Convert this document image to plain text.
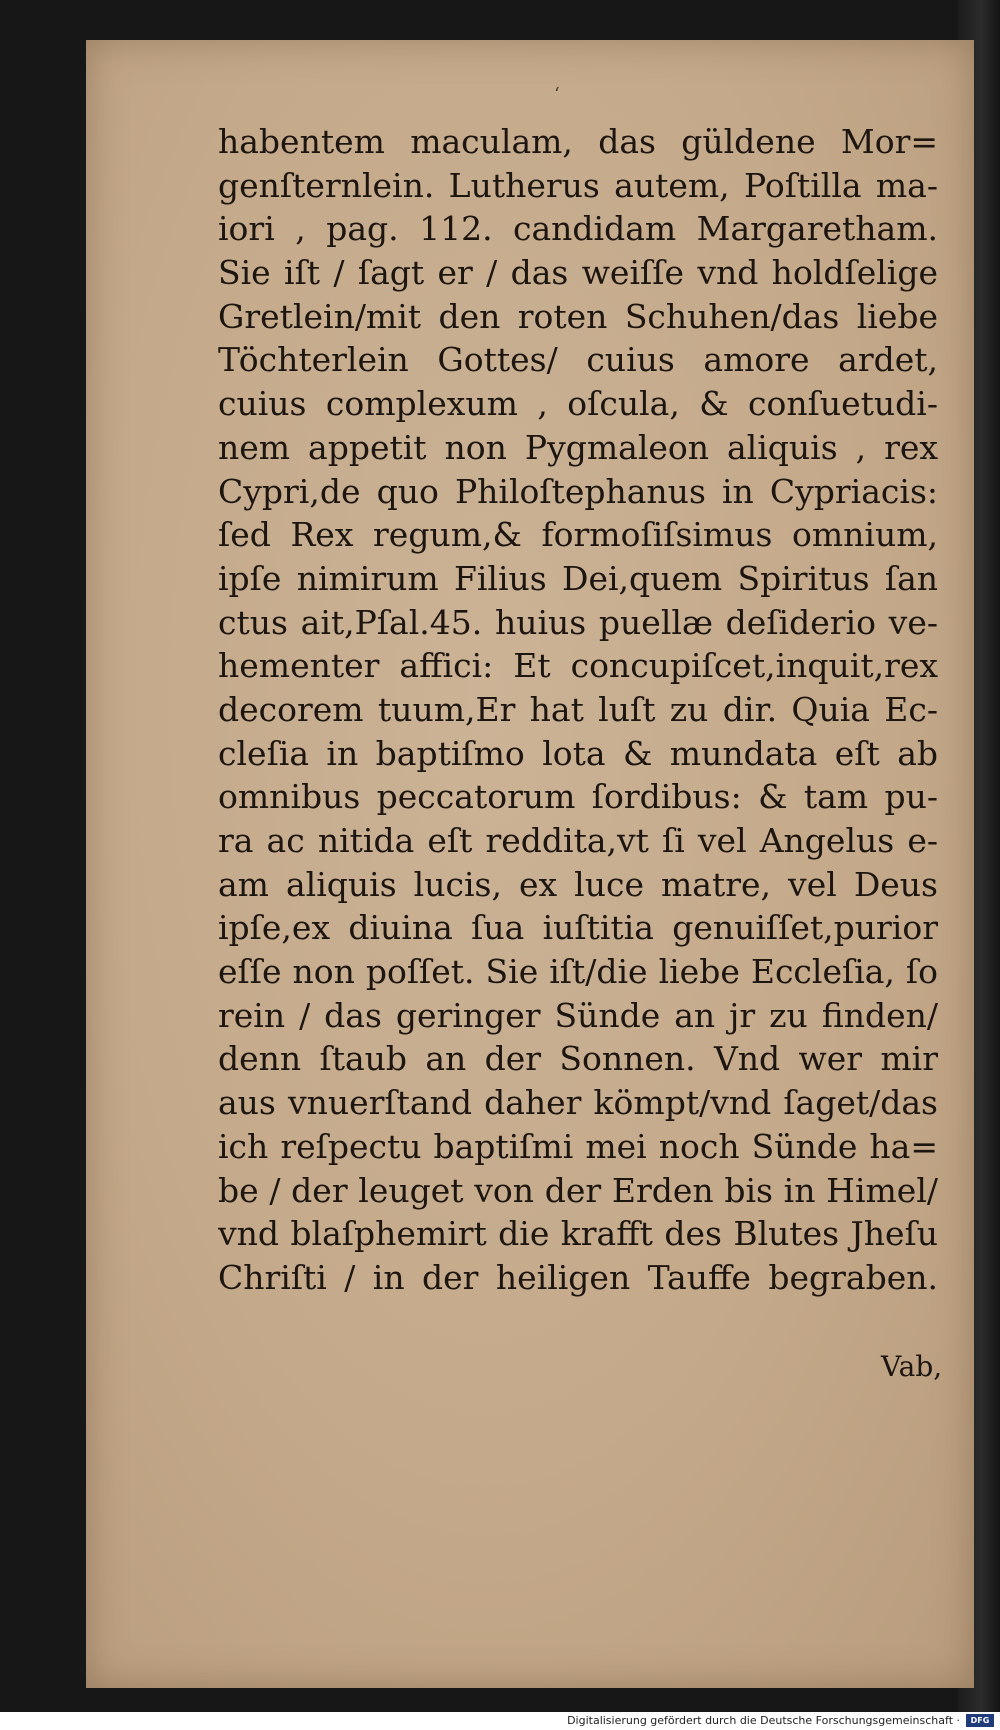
‘
habentem maculam, das güldene Mor=
genſternlein. Lutherus autem, Poſtilla ma-
iori , pag. 112. candidam Margaretham.
Sie iſt / ſagt er / das weiſſe vnd holdſelige
Gretlein/mit den roten Schuhen/das liebe
Töchterlein Gottes/ cuius amore ardet,
cuius complexum , oſcula, & conſuetudi-
nem appetit non Pygmaleon aliquis , rex
Cypri,de quo Philoſtephanus in Cypriacis:
ſed Rex regum,& formoſiſsimus omnium,
ipſe nimirum Filius Dei,quem Spiritus ſan
ctus ait,Pſal.45. huius puellæ deſiderio ve-
hementer affici: Et concupiſcet,inquit,rex
decorem tuum,Er hat luſt zu dir. Quia Ec-
cleſia in baptiſmo lota & mundata eſt ab
omnibus peccatorum ſordibus: & tam pu-
ra ac nitida eſt reddita,vt ſi vel Angelus e-
am aliquis lucis, ex luce matre, vel Deus
ipſe,ex diuina ſua iuſtitia genuiſſet,purior
eſſe non poſſet. Sie iſt/die liebe Eccleſia, ſo
rein / das geringer Sünde an jr zu finden/
denn ſtaub an der Sonnen. Vnd wer mir
aus vnuerſtand daher kömpt/vnd ſaget/das
ich reſpectu baptiſmi mei noch Sünde ha=
be / der leuget von der Erden bis in Himel/
vnd blaſphemirt die krafft des Blutes Jheſu
Chriſti / in der heiligen Tauffe begraben.
Vab,
Digitalisierung gefördert durch die Deutsche Forschungsgemeinschaft ·	DFG
